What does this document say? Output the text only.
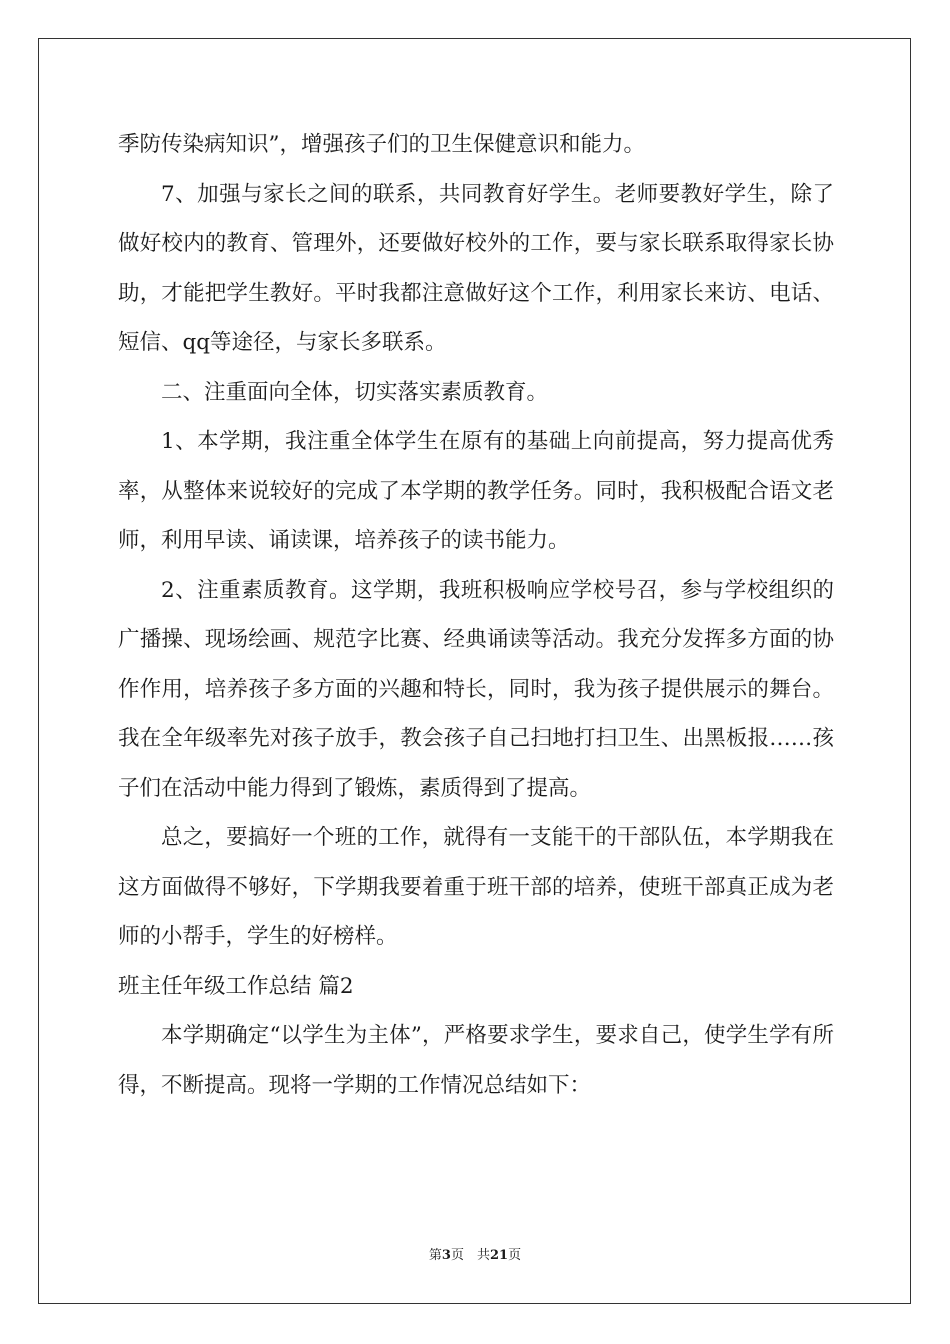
季防传染病知识”，增强孩子们的卫生保健意识和能力。

7、加强与家长之间的联系，共同教育好学生。老师要教好学生，除了做好校内的教育、管理外，还要做好校外的工作，要与家长联系取得家长协助，才能把学生教好。平时我都注意做好这个工作，利用家长来访、电话、短信、qq等途径，与家长多联系。

二、注重面向全体，切实落实素质教育。

1、本学期，我注重全体学生在原有的基础上向前提高，努力提高优秀率，从整体来说较好的完成了本学期的教学任务。同时，我积极配合语文老师，利用早读、诵读课，培养孩子的读书能力。

2、注重素质教育。这学期，我班积极响应学校号召，参与学校组织的广播操、现场绘画、规范字比赛、经典诵读等活动。我充分发挥多方面的协作作用，培养孩子多方面的兴趣和特长，同时，我为孩子提供展示的舞台。我在全年级率先对孩子放手，教会孩子自己扫地打扫卫生、出黑板报……孩子们在活动中能力得到了锻炼，素质得到了提高。

总之，要搞好一个班的工作，就得有一支能干的干部队伍，本学期我在这方面做得不够好，下学期我要着重于班干部的培养，使班干部真正成为老师的小帮手，学生的好榜样。

班主任年级工作总结 篇2

本学期确定“以学生为主体”，严格要求学生，要求自己，使学生学有所得，不断提高。现将一学期的工作情况总结如下：

第3页　共21页
